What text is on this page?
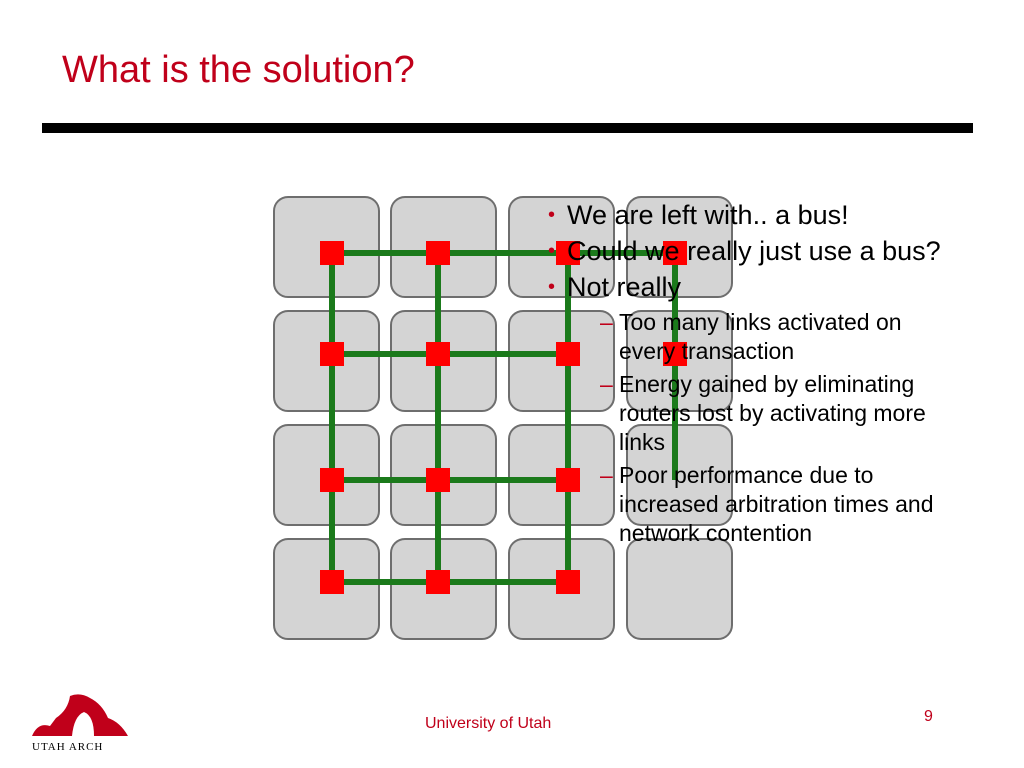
What is the solution?
• We are left with.. a bus!
• Could we really just use a bus?
• Not really
– Too many links activated on every transaction
– Energy gained by eliminating routers lost by activating more links
– Poor performance due to increased arbitration times and network contention
UTAH ARCH
University of Utah	9
